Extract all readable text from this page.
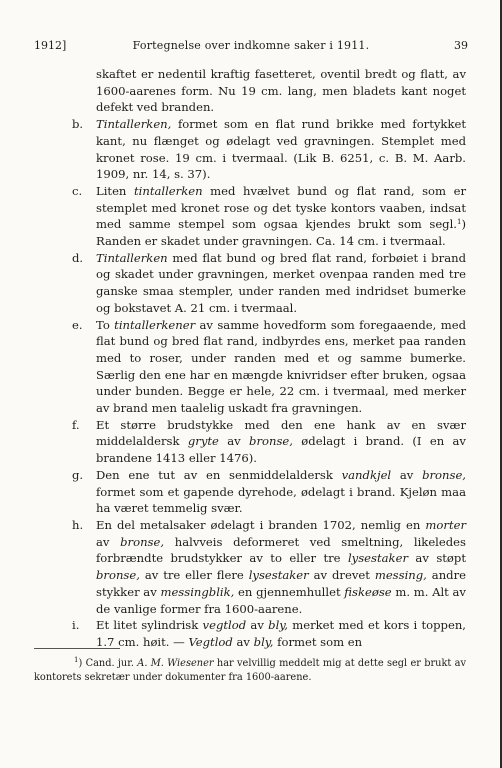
1912]	Fortegnelse over indkomne saker i 1911.	39
skaftet er nedentil kraftig fasetteret, oventil bredt og flatt, av 1600-aarenes form. Nu 19 cm. lang, men bladets kant noget defekt ved branden.
b.	Tintallerken, formet som en flat rund brikke med fortykket kant, nu flænget og ødelagt ved gravningen. Stemplet med kronet rose. 19 cm. i tvermaal. (Lik B. 6251, c. B. M. Aarb. 1909, nr. 14, s. 37).
c.	Liten tintallerken med hvælvet bund og flat rand, som er stemplet med kronet rose og det tyske kontors vaaben, indsat med samme stempel som ogsaa kjendes brukt som segl.$^1$) Randen er skadet under gravningen. Ca. 14 cm. i tvermaal.
d.	Tintallerken med flat bund og bred flat rand, forbøiet i brand og skadet under gravningen, merket ovenpaa randen med tre ganske smaa stempler, under randen med indridset bumerke og bokstavet A. 21 cm. i tvermaal.
e.	To tintallerkener av samme hovedform som foregaaende, med flat bund og bred flat rand, indbyrdes ens, merket paa randen med to roser, under randen med et og samme bumerke. Særlig den ene har en mængde knivridser efter bruken, ogsaa under bunden. Begge er hele, 22 cm. i tvermaal, med merker av brand men taalelig uskadt fra gravningen.
f.	Et større brudstykke med den ene hank av en svær middelaldersk gryte av bronse, ødelagt i brand. (I en av brandene 1413 eller 1476).
g.	Den ene tut av en senmiddelaldersk vandkjel av bronse, formet som et gapende dyrehode, ødelagt i brand. Kjeløn maa ha været temmelig svær.
h.	En del metalsaker ødelagt i branden 1702, nemlig en morter av bronse, halvveis deformeret ved smeltning, likeledes forbrændte brudstykker av to eller tre lysestaker av støpt bronse, av tre eller flere lysestaker av drevet messing, andre stykker av messingblik, en gjennemhullet fiskeøse m. m. Alt av de vanlige former fra 1600-aarene.
i.	Et litet sylindrisk vegtlod av bly, merket med et kors i toppen, 1.7 cm. høit. — Vegtlod av bly, formet som en
$^1$) Cand. jur. A. M. Wiesener har velvillig meddelt mig at dette segl er brukt av kontorets sekretær under dokumenter fra 1600-aarene.
